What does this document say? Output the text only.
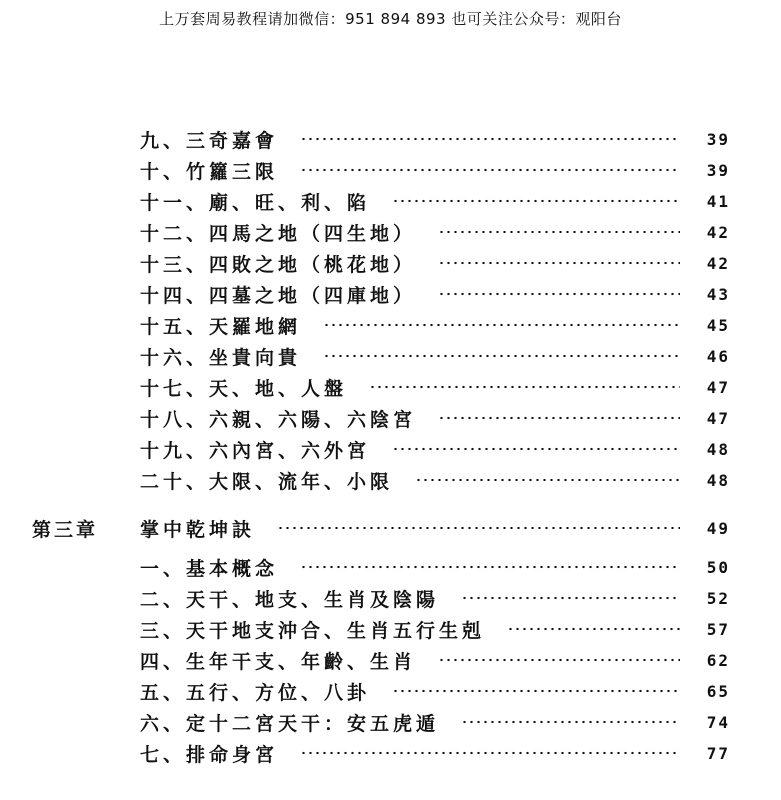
上万套周易教程请加微信：951 894 893 也可关注公众号：观阳台
九、三奇嘉會	39
十、竹籮三限	39
十一、廟、旺、利、陷	41
十二、四馬之地（四生地）	42
十三、四敗之地（桃花地）	42
十四、四墓之地（四庫地）	43
十五、天羅地網	45
十六、坐貴向貴	46
十七、天、地、人盤	47
十八、六親、六陽、六陰宮	47
十九、六內宮、六外宮	48
二十、大限、流年、小限	48
第三章	掌中乾坤訣	49
一、基本概念	50
二、天干、地支、生肖及陰陽	52
三、天干地支沖合、生肖五行生剋	57
四、生年干支、年齡、生肖	62
五、五行、方位、八卦	65
六、定十二宮天干：安五虎遁	74
七、排命身宮	77
